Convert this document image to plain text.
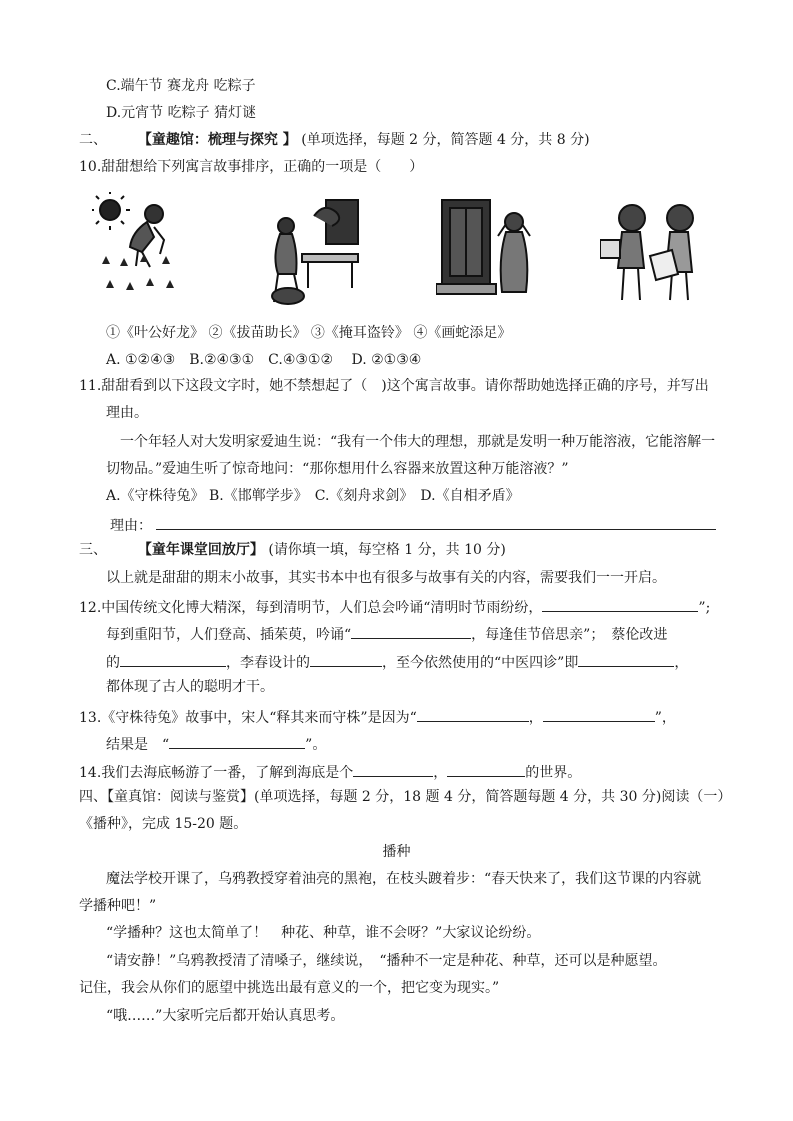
C.端午节 赛龙舟 吃粽子
D.元宵节 吃粽子 猜灯谜
二、 【童趣馆：梳理与探究 】 (单项选择，每题 2 分，简答题 4 分，共 8 分)
10.甜甜想给下列寓言故事排序，正确的一项是（　　）
①《叶公好龙》 ②《拔苗助长》 ③《掩耳盗铃》 ④《画蛇添足》
A. ①②④③　B.②④③①　C.④③①②　 D. ②①③④
11.甜甜看到以下这段文字时，她不禁想起了（　)这个寓言故事。请你帮助她选择正确的序号，并写出
理由。
一个年轻人对大发明家爱迪生说：“我有一个伟大的理想，那就是发明一种万能溶液，它能溶解一
切物品。”爱迪生听了惊奇地问：“那你想用什么容器来放置这种万能溶液？”
A.《守株待兔》 B.《邯郸学步》　C.《刻舟求剑》　D.《自相矛盾》
理由：
三、 【童年课堂回放厅】 (请你填一填，每空格 1 分，共 10 分)
以上就是甜甜的期末小故事，其实书本中也有很多与故事有关的内容，需要我们一一开启。
12.中国传统文化博大精深，每到清明节，人们总会吟诵“清明时节雨纷纷，	”;
每到重阳节，人们登高、插茱萸，吟诵“	，每逢佳节倍思亲”；　蔡伦改进
的	，李春设计的	，至今依然使用的“中医四诊”即	，
都体现了古人的聪明才干。
13.《守株待兔》故事中，宋人“释其来而守株”是因为“	，	”，
结果是　“	”。
14.我们去海底畅游了一番，了解到海底是个	，	的世界。
四、【童真馆：阅读与鉴赏】(单项选择，每题 2 分，18 题 4 分，简答题每题 4 分，共 30 分)阅读（一）
《播种》，完成 15-20 题。
播种
魔法学校开课了，乌鸦教授穿着油亮的黑袍，在枝头踱着步：“春天快来了，我们这节课的内容就
学播种吧！”
“学播种？这也太简单了！　种花、种草，谁不会呀？”大家议论纷纷。
“请安静！”乌鸦教授清了清嗓子，继续说，　“播种不一定是种花、种草，还可以是种愿望。
记住，我会从你们的愿望中挑选出最有意义的一个，把它变为现实。”
“哦……”大家听完后都开始认真思考。
